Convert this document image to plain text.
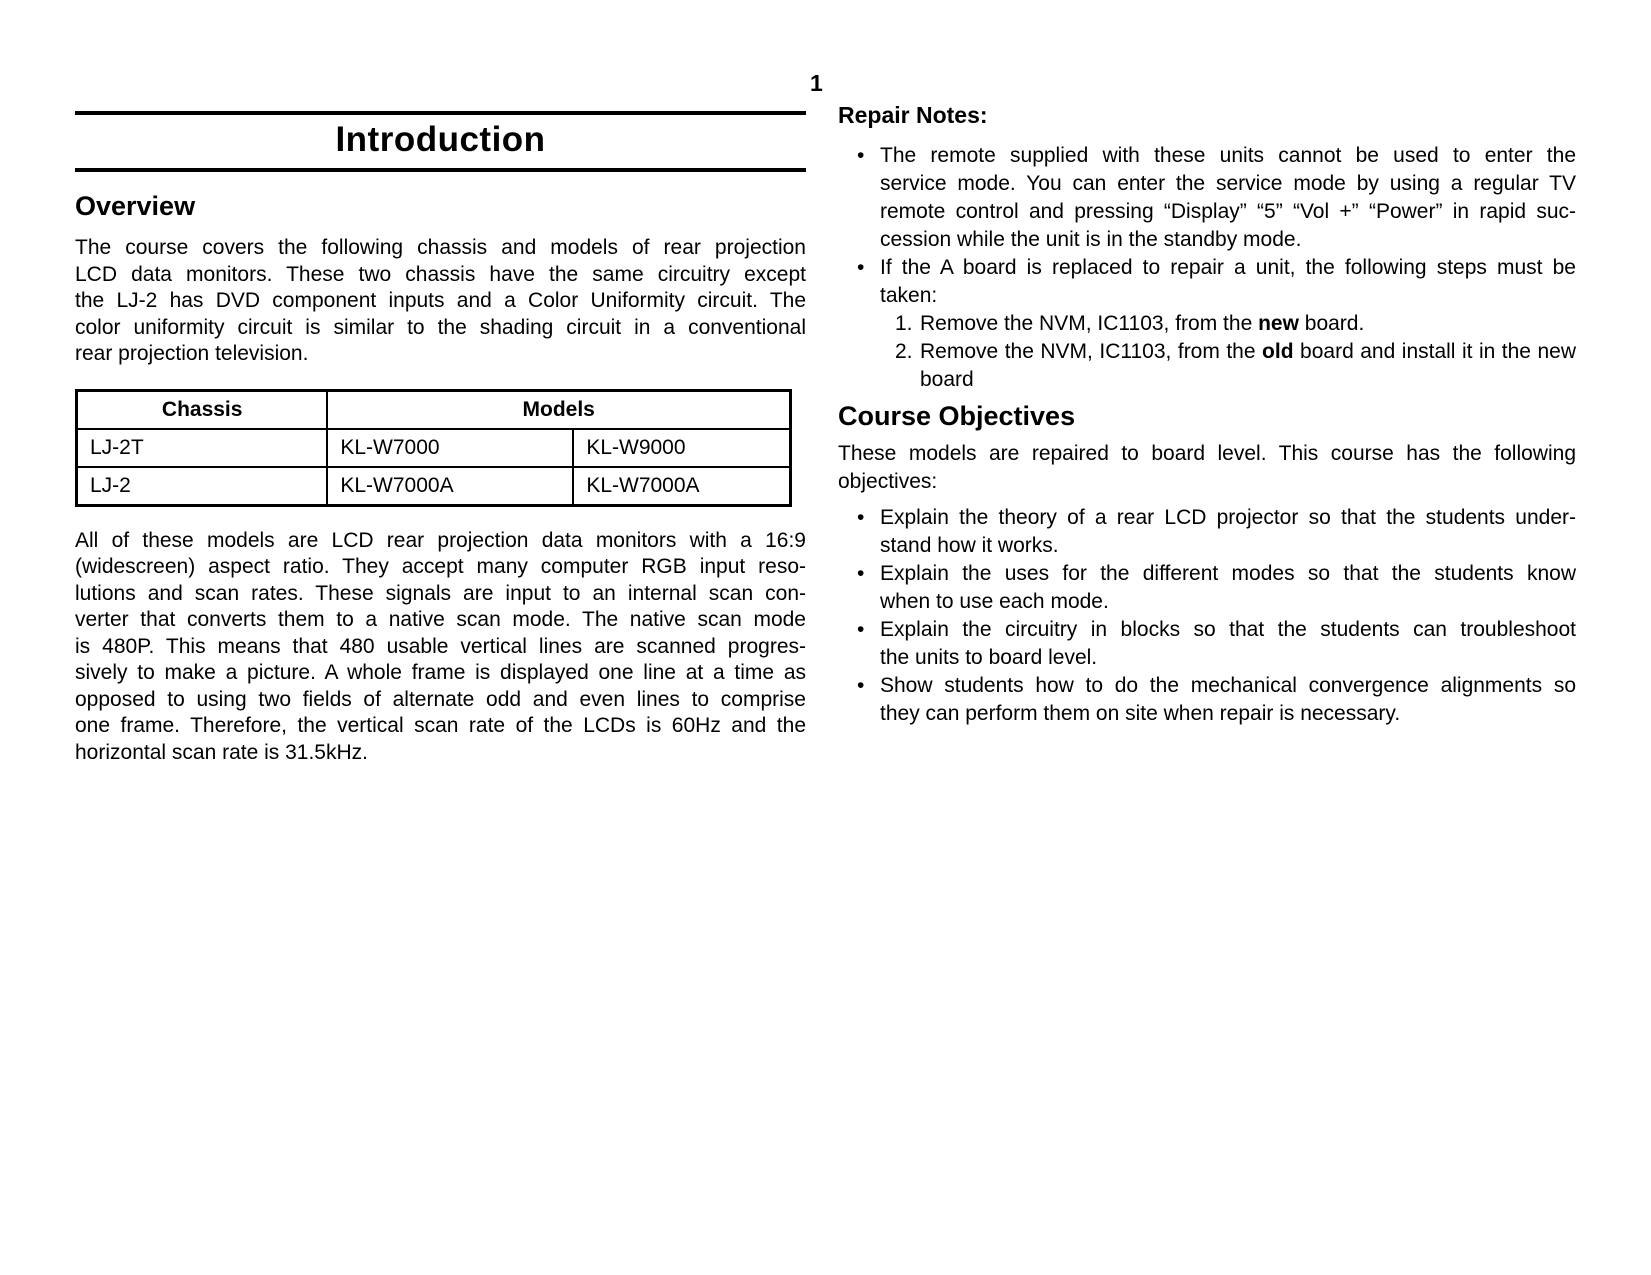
1
Introduction
Overview
The course covers the following chassis and models of rear projection
LCD data monitors. These two chassis have the same circuitry except
the LJ-2 has DVD component inputs and a Color Uniformity circuit. The
color uniformity circuit is similar to the shading circuit in a conventional
rear projection television.
Chassis	Models	
LJ-2T	KL-W7000	KL-W9000
LJ-2	KL-W7000A	KL-W7000A
All of these models are LCD rear projection data monitors with a 16:9
(widescreen) aspect ratio. They accept many computer RGB input reso-
lutions and scan rates. These signals are input to an internal scan con-
verter that converts them to a native scan mode. The native scan mode
is 480P. This means that 480 usable vertical lines are scanned progres-
sively to make a picture. A whole frame is displayed one line at a time as
opposed to using two fields of alternate odd and even lines to comprise
one frame. Therefore, the vertical scan rate of the LCDs is 60Hz and the
horizontal scan rate is 31.5kHz.
Repair Notes:
• The remote supplied with these units cannot be used to enter the
service mode. You can enter the service mode by using a regular TV
remote control and pressing “Display” “5” “Vol +” “Power” in rapid suc-
cession while the unit is in the standby mode.
• If the A board is replaced to repair a unit, the following steps must be
taken:
1. Remove the NVM, IC1103, from the new board.
2. Remove the NVM, IC1103, from the old board and install it in the new board
Course Objectives
These models are repaired to board level. This course has the following
objectives:
• Explain the theory of a rear LCD projector so that the students under-
stand how it works.
• Explain the uses for the different modes so that the students know
when to use each mode.
• Explain the circuitry in blocks so that the students can troubleshoot
the units to board level.
• Show students how to do the mechanical convergence alignments so
they can perform them on site when repair is necessary.
